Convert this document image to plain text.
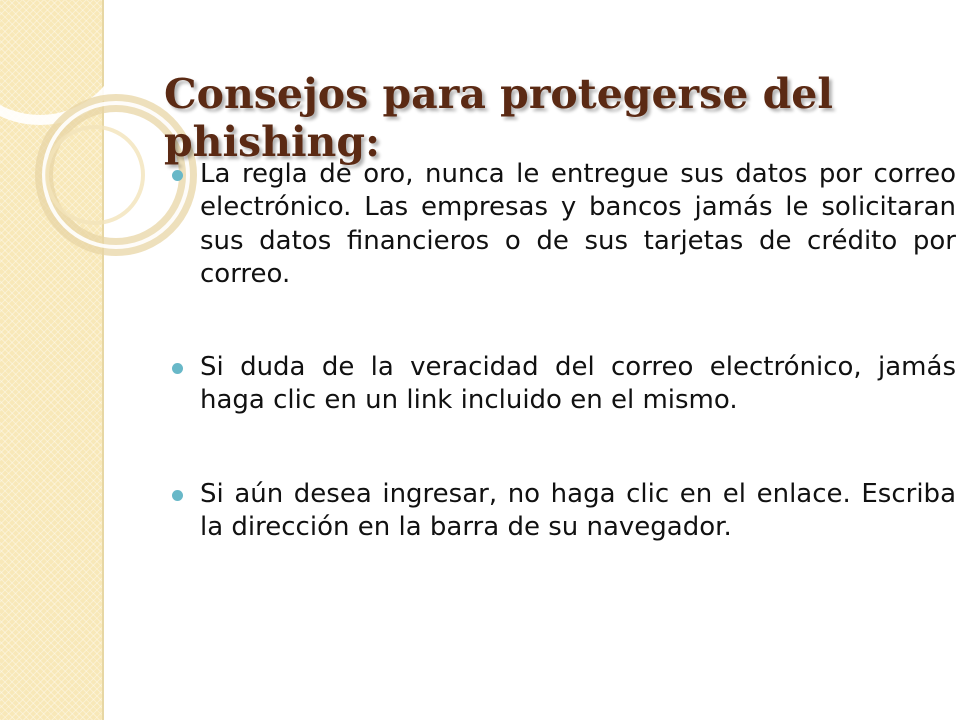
Consejos para protegerse del phishing:
La regla de oro, nunca le entregue sus datos por correo electrónico. Las empresas y bancos jamás le solicitaran sus datos financieros o de sus tarjetas de crédito por correo.
Si duda de la veracidad del correo electrónico, jamás haga clic en un link incluido en el mismo.
Si aún desea ingresar, no haga clic en el enlace. Escriba la dirección en la barra de su navegador.
